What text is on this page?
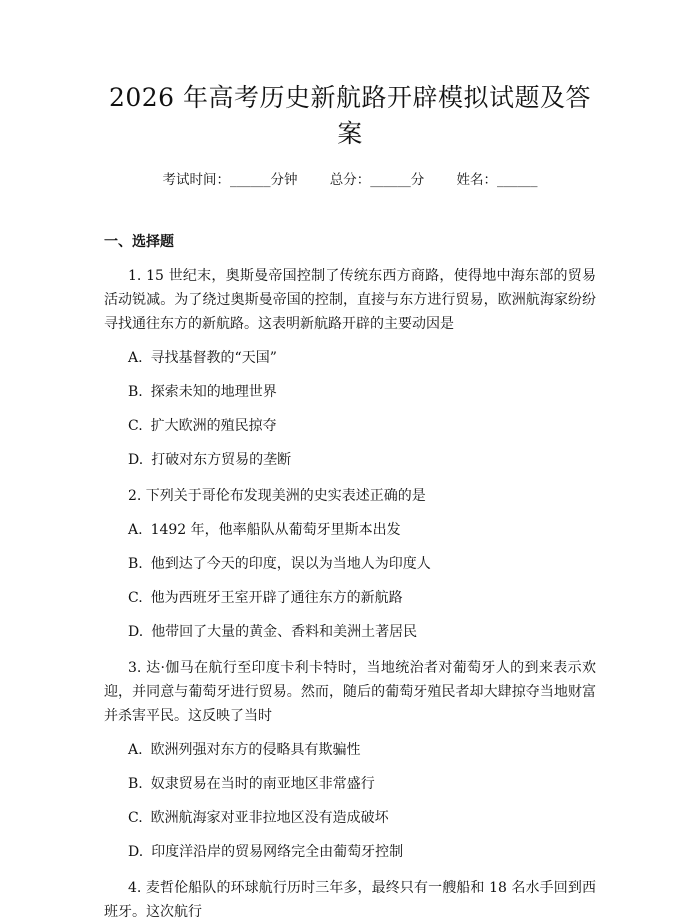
2026 年高考历史新航路开辟模拟试题及答案
考试时间：______分钟 总分：______分 姓名：______
一、选择题
1. 15 世纪末，奥斯曼帝国控制了传统东西方商路，使得地中海东部的贸易活动锐减。为了绕过奥斯曼帝国的控制，直接与东方进行贸易，欧洲航海家纷纷寻找通往东方的新航路。这表明新航路开辟的主要动因是
A. 寻找基督教的“天国”
B. 探索未知的地理世界
C. 扩大欧洲的殖民掠夺
D. 打破对东方贸易的垄断
2. 下列关于哥伦布发现美洲的史实表述正确的是
A. 1492 年，他率船队从葡萄牙里斯本出发
B. 他到达了今天的印度，误以为当地人为印度人
C. 他为西班牙王室开辟了通往东方的新航路
D. 他带回了大量的黄金、香料和美洲土著居民
3. 达·伽马在航行至印度卡利卡特时，当地统治者对葡萄牙人的到来表示欢迎，并同意与葡萄牙进行贸易。然而，随后的葡萄牙殖民者却大肆掠夺当地财富并杀害平民。这反映了当时
A. 欧洲列强对东方的侵略具有欺骗性
B. 奴隶贸易在当时的南亚地区非常盛行
C. 欧洲航海家对亚非拉地区没有造成破坏
D. 印度洋沿岸的贸易网络完全由葡萄牙控制
4. 麦哲伦船队的环球航行历时三年多，最终只有一艘船和 18 名水手回到西班牙。这次航行
